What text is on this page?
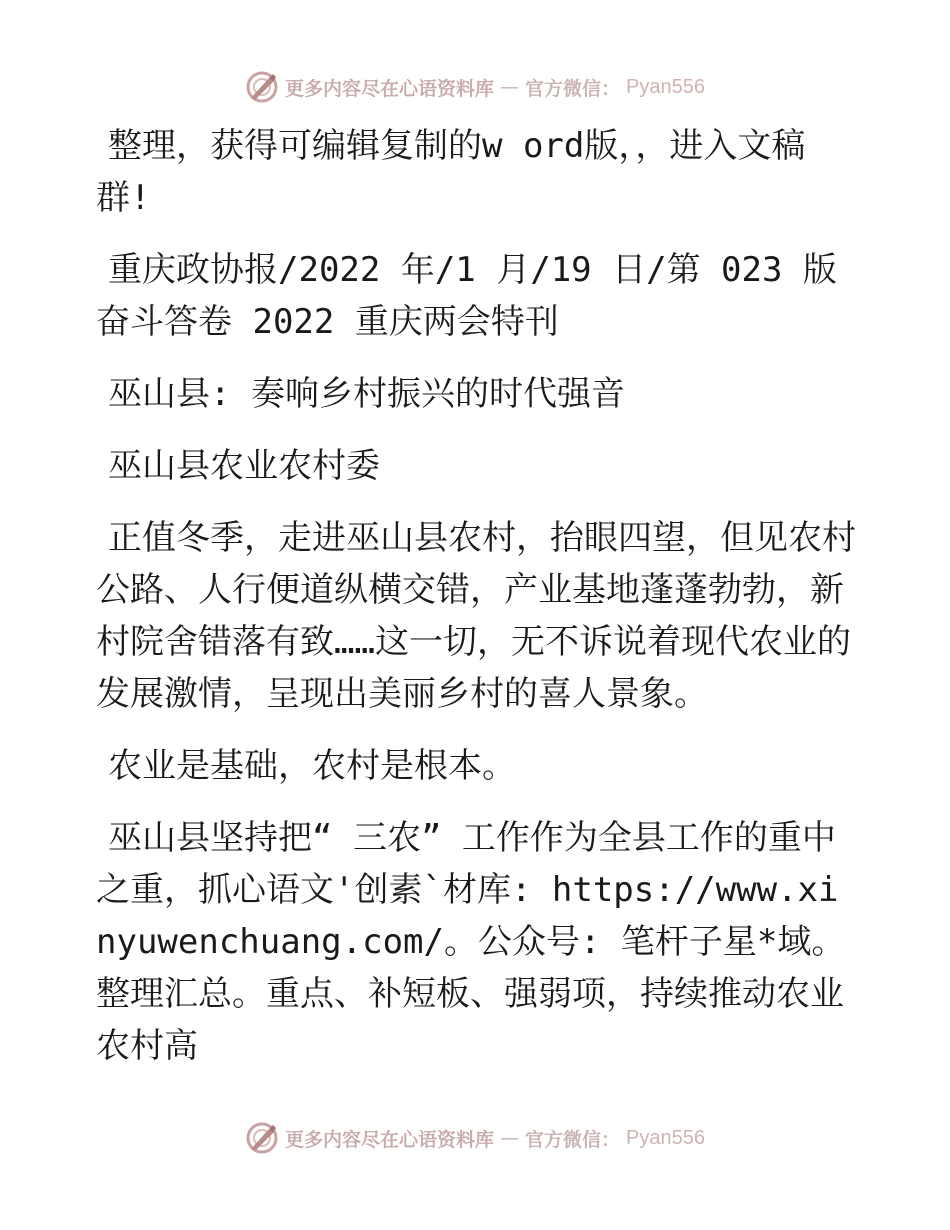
更多内容尽在心语资料库 — 官方微信： Pyan556

整理，获得可编辑复制的w ord版，，进入文稿群!

重庆政协报/2022 年/1 月/19 日/第 023 版奋斗答卷 2022 重庆两会特刊

巫山县: 奏响乡村振兴的时代强音

巫山县农业农村委

正值冬季，走进巫山县农村，抬眼四望，但见农村公路、人行便道纵横交错，产业基地蓬蓬勃勃，新村院舍错落有致……这一切，无不诉说着现代农业的发展激情，呈现出美丽乡村的喜人景象。

农业是基础，农村是根本。

巫山县坚持把“ 三农” 工作作为全县工作的重中之重，抓心语文'创素`材库: https://www.xinyuwenchuang.com/。公众号: 笔杆子星*域。整理汇总。重点、补短板、强弱项，持续推动农业农村高

更多内容尽在心语资料库 — 官方微信： Pyan556
